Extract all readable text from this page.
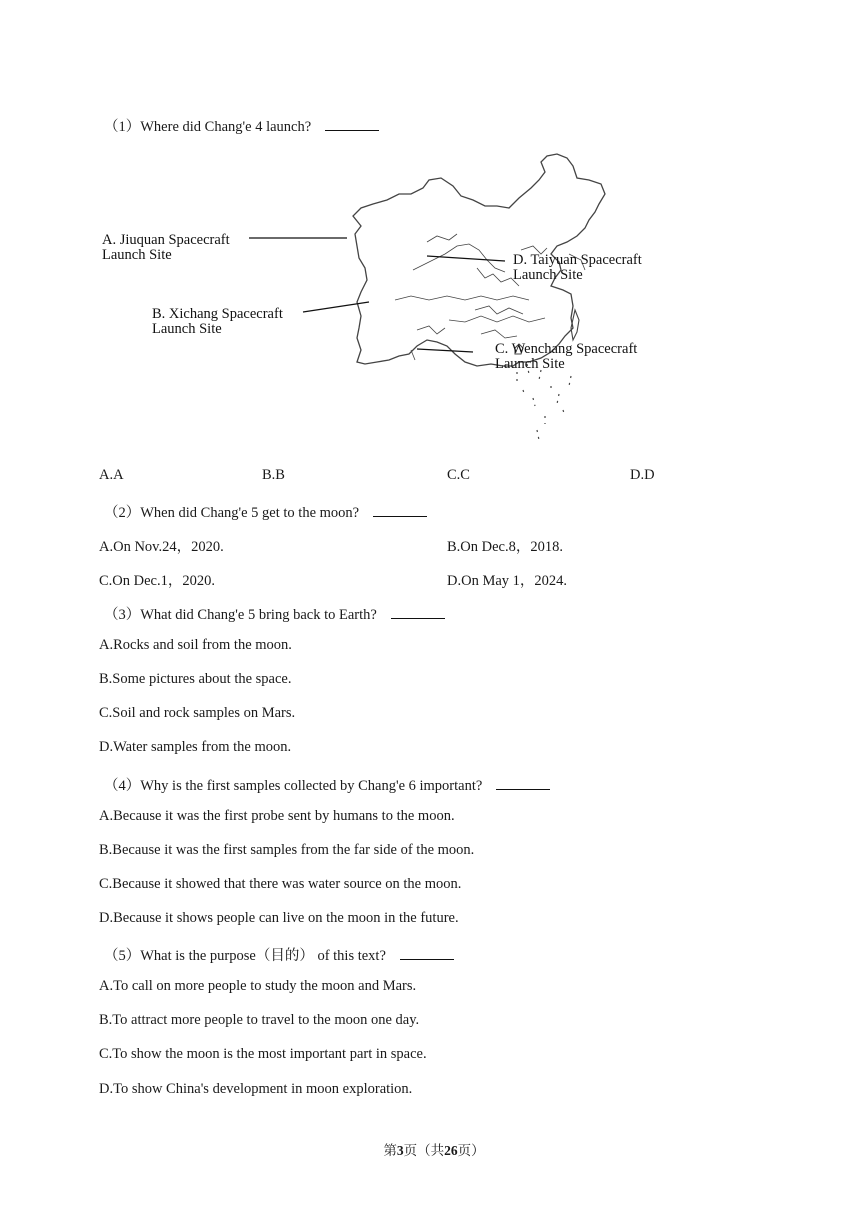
（1）Where did Chang'e 4 launch?
A. Jiuquan Spacecraft
Launch Site
B. Xichang Spacecraft
Launch Site
D. Taiyuan Spacecraft
Launch Site
C. Wenchang Spacecraft
Launch Site
A.A	B.B	C.C	D.D
（2）When did Chang'e 5 get to the moon?
A.On Nov.24，2020.	B.On Dec.8，2018.
C.On Dec.1，2020.	D.On May 1，2024.
（3）What did Chang'e 5 bring back to Earth?
A.Rocks and soil from the moon.
B.Some pictures about the space.
C.Soil and rock samples on Mars.
D.Water samples from the moon.
（4）Why is the first samples collected by Chang'e 6 important?
A.Because it was the first probe sent by humans to the moon.
B.Because it was the first samples from the far side of the moon.
C.Because it showed that there was water source on the moon.
D.Because it shows people can live on the moon in the future.
（5）What is the purpose（目的） of this text?
A.To call on more people to study the moon and Mars.
B.To attract more people to travel to the moon one day.
C.To show the moon is the most important part in space.
D.To show China's development in moon exploration.
第3页（共26页）
